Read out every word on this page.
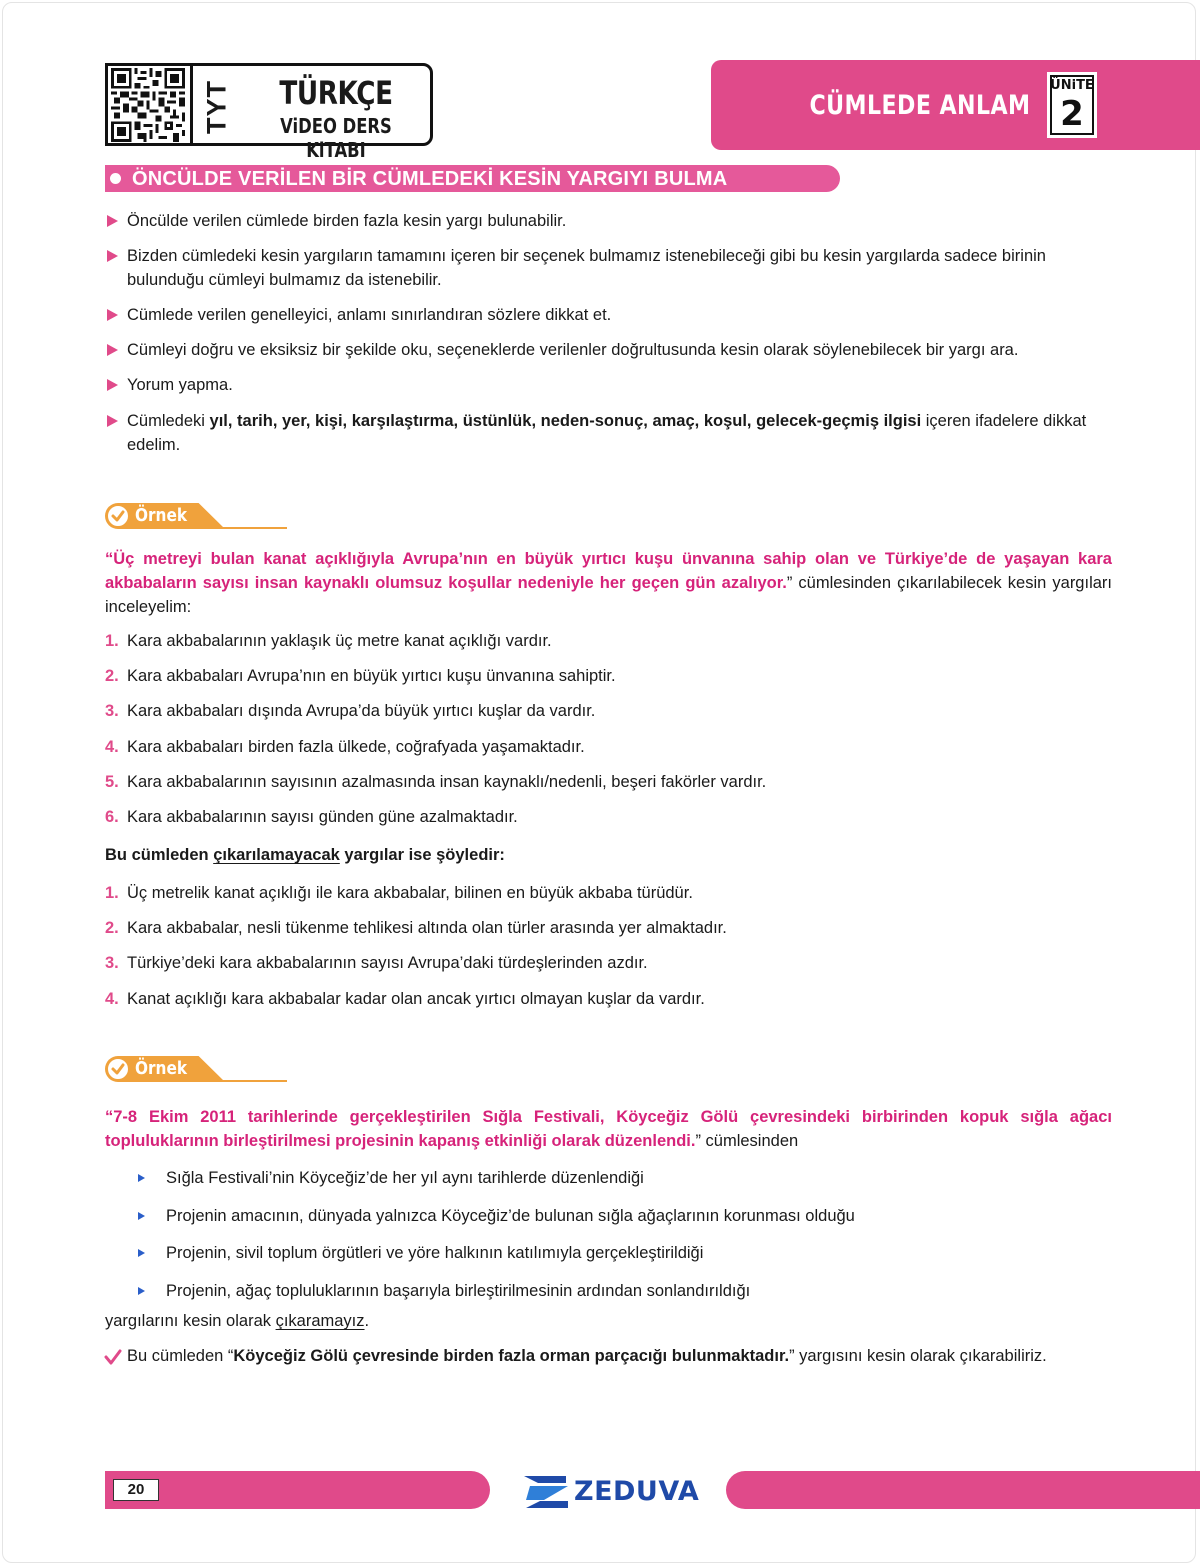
TYT	TÜRKÇE
ViDEO DERS KiTABI
CÜMLEDE ANLAM
ÜNiTE
2
ÖNCÜLDE VERİLEN BİR CÜMLEDEKİ KESİN YARGIYI BULMA
Öncülde verilen cümlede birden fazla kesin yargı bulunabilir.
Bizden cümledeki kesin yargıların tamamını içeren bir seçenek bulmamız istenebileceği gibi bu kesin yargılarda sadece birinin bulunduğu cümleyi bulmamız da istenebilir.
Cümlede verilen genelleyici, anlamı sınırlandıran sözlere dikkat et.
Cümleyi doğru ve eksiksiz bir şekilde oku, seçeneklerde verilenler doğrultusunda kesin olarak söylenebilecek bir yargı ara.
Yorum yapma.
Cümledeki yıl, tarih, yer, kişi, karşılaştırma, üstünlük, neden-sonuç, amaç, koşul, gelecek-geçmiş ilgisi içeren ifadelere dikkat edelim.
Örnek
“Üç metreyi bulan kanat açıklığıyla Avrupa’nın en büyük yırtıcı kuşu ünvanına sahip olan ve Türkiye’de de yaşayan kara akbabaların sayısı insan kaynaklı olumsuz koşullar nedeniyle her geçen gün azalıyor.” cümlesinden çıkarılabilecek kesin yargıları inceleyelim:
1. Kara akbabalarının yaklaşık üç metre kanat açıklığı vardır.
2. Kara akbabaları Avrupa’nın en büyük yırtıcı kuşu ünvanına sahiptir.
3. Kara akbabaları dışında Avrupa’da büyük yırtıcı kuşlar da vardır.
4. Kara akbabaları birden fazla ülkede, coğrafyada yaşamaktadır.
5. Kara akbabalarının sayısının azalmasında insan kaynaklı/nedenli, beşeri fakörler vardır.
6. Kara akbabalarının sayısı günden güne azalmaktadır.
Bu cümleden çıkarılamayacak yargılar ise şöyledir:
1. Üç metrelik kanat açıklığı ile kara akbabalar, bilinen en büyük akbaba türüdür.
2. Kara akbabalar, nesli tükenme tehlikesi altında olan türler arasında yer almaktadır.
3. Türkiye’deki kara akbabalarının sayısı Avrupa’daki türdeşlerinden azdır.
4. Kanat açıklığı kara akbabalar kadar olan ancak yırtıcı olmayan kuşlar da vardır.
Örnek
“7-8 Ekim 2011 tarihlerinde gerçekleştirilen Sığla Festivali, Köyceğiz Gölü çevresindeki birbirinden kopuk sığla ağacı topluluklarının birleştirilmesi projesinin kapanış etkinliği olarak düzenlendi.” cümlesinden
Sığla Festivali’nin Köyceğiz’de her yıl aynı tarihlerde düzenlendiği
Projenin amacının, dünyada yalnızca Köyceğiz’de bulunan sığla ağaçlarının korunması olduğu
Projenin, sivil toplum örgütleri ve yöre halkının katılımıyla gerçekleştirildiği
Projenin, ağaç topluluklarının başarıyla birleştirilmesinin ardından sonlandırıldığı
yargılarını kesin olarak çıkaramayız.
Bu cümleden “Köyceğiz Gölü çevresinde birden fazla orman parçacığı bulunmaktadır.” yargısını kesin olarak çıkarabiliriz.
20	ZEDUVA
